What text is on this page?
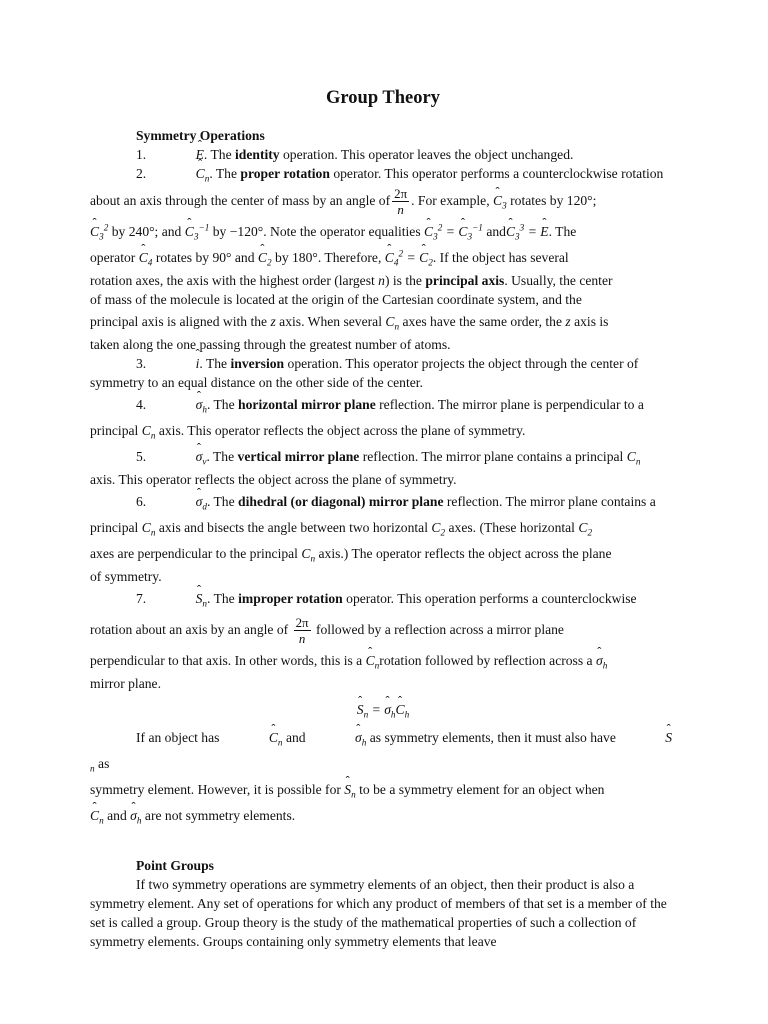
Group Theory
Symmetry Operations

1.	ˆ E. The identity operation. This operator leaves the object unchanged.

2.	ˆ $C_n$. The proper rotation operator. This operator performs a counterclockwise rotation
about an axis through the center of mass by an angle of $\frac{2\pi}{n}$ . For example, ˆ $C_3$ rotates by 120°;
ˆ $C_3^2$ by 240°; and ˆ $C_3^{-1}$ by −120°. Note the operator equalities ˆ $C_3^2$ = ˆ $C_3^{-1}$ andˆ $C_3^3$ = ˆ E. The
operator ˆ $C_4$ rotates by 90° and ˆ $C_2$ by 180°. Therefore, ˆ $C_4^2$ = ˆ $C_2$. If the object has several
rotation axes, the axis with the highest order (largest n) is the principal axis. Usually, the center
of mass of the molecule is located at the origin of the Cartesian coordinate system, and the
principal axis is aligned with the z axis. When several $C_n$ axes have the same order, the z axis is
taken along the one passing through the greatest number of atoms.
3.	ˆ i. The inversion operation. This operator projects the object through the center of
symmetry to an equal distance on the other side of the center.
4.	ˆ $\sigma_h$. The horizontal mirror plane reflection. The mirror plane is perpendicular to a
principal $C_n$ axis. This operator reflects the object across the plane of symmetry.
5.	ˆ $\sigma_v$. The vertical mirror plane reflection. The mirror plane contains a principal $C_n$
axis. This operator reflects the object across the plane of symmetry.
6.	ˆ $\sigma_d$. The dihedral (or diagonal) mirror plane reflection. The mirror plane contains a
principal $C_n$ axis and bisects the angle between two horizontal $C_2$ axes. (These horizontal $C_2$
axes are perpendicular to the principal $C_n$ axis.) The operator reflects the object across the plane
of symmetry.
7.	ˆ $S_n$. The improper rotation operator. This operation performs a counterclockwise
rotation about an axis by an angle of $\frac{2\pi}{n}$ followed by a reflection across a mirror plane
perpendicular to that axis. In other words, this is a ˆ $C_nrotation$ followed by reflection across a ˆ $\sigma_h$
mirror plane.
ˆ $S_n$ = ˆ $\sigma_hˆ$ $C_h$
If an object has	ˆ $C_n$ and	ˆ $\sigma_h$ as symmetry elements, then it must also have	ˆ $S_n$ as
symmetry element. However, it is possible for ˆ $S_n$ to be a symmetry element for an object when
ˆ $C_n$ and ˆ $\sigma_h$ are not symmetry elements.
Point Groups

If two symmetry operations are symmetry elements of an object, then their product is also a symmetry element. Any set of operations for which any product of members of that set is a member of the set is called a group. Group theory is the study of the mathematical properties of such a collection of symmetry elements. Groups containing only symmetry elements that leave
